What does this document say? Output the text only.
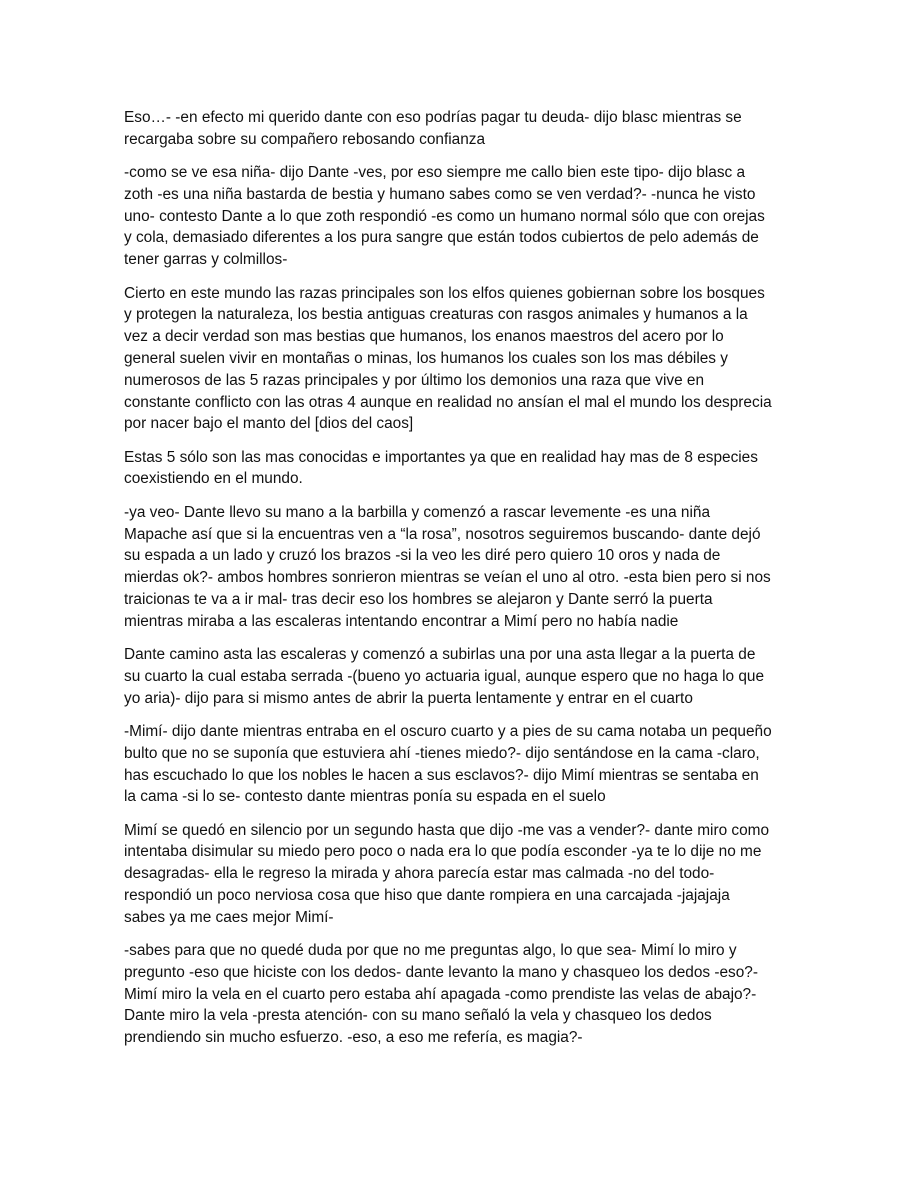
Eso…- -en efecto mi querido dante con eso podrías pagar tu deuda- dijo blasc mientras se recargaba sobre su compañero rebosando confianza

-como se ve esa niña- dijo Dante -ves, por eso siempre me callo bien este tipo- dijo blasc a zoth -es una niña bastarda de bestia y humano sabes como se ven verdad?- -nunca he visto uno- contesto Dante a lo que zoth respondió -es como un humano normal sólo que con orejas y cola, demasiado diferentes a los pura sangre que están todos cubiertos de pelo además de tener garras y colmillos-

Cierto en este mundo las razas principales son los elfos quienes gobiernan sobre los bosques y protegen la naturaleza, los bestia antiguas creaturas con rasgos animales y humanos a la vez a decir verdad son mas bestias que humanos, los enanos maestros del acero por lo general suelen vivir en montañas o minas, los humanos los cuales son los mas débiles y numerosos de las 5 razas principales y por último los demonios una raza que vive en constante conflicto con las otras 4 aunque en realidad no ansían el mal el mundo los desprecia por nacer bajo el manto del [dios del caos]

Estas 5 sólo son las mas conocidas e importantes ya que en realidad hay mas de 8 especies coexistiendo en el mundo.

-ya veo- Dante llevo su mano a la barbilla y comenzó a rascar levemente -es una niña Mapache así que si la encuentras ven a “la rosa”, nosotros seguiremos buscando- dante dejó su espada a un lado y cruzó los brazos -si la veo les diré pero quiero 10 oros y nada de mierdas ok?- ambos hombres sonrieron mientras se veían el uno al otro. -esta bien pero si nos traicionas te va a ir mal- tras decir eso los hombres se alejaron y Dante serró la puerta mientras miraba a las escaleras intentando encontrar a Mimí pero no había nadie

Dante camino asta las escaleras y comenzó a subirlas una por una asta llegar a la puerta de su cuarto la cual estaba serrada -(bueno yo actuaria igual, aunque espero que no haga lo que yo aria)- dijo para si mismo antes de abrir la puerta lentamente y entrar en el cuarto

-Mimí- dijo dante mientras entraba en el oscuro cuarto y a pies de su cama notaba un pequeño bulto que no se suponía que estuviera ahí -tienes miedo?- dijo sentándose en la cama -claro, has escuchado lo que los nobles le hacen a sus esclavos?- dijo Mimí mientras se sentaba en la cama -si lo se- contesto dante mientras ponía su espada en el suelo

Mimí se quedó en silencio por un segundo hasta que dijo -me vas a vender?- dante miro como intentaba disimular su miedo pero poco o nada era lo que podía esconder -ya te lo dije no me desagradas- ella le regreso la mirada y ahora parecía estar mas calmada -no del todo- respondió un poco nerviosa cosa que hiso que dante rompiera en una carcajada -jajajaja sabes ya me caes mejor Mimí-

-sabes para que no quedé duda por que no me preguntas algo, lo que sea- Mimí lo miro y pregunto -eso que hiciste con los dedos- dante levanto la mano y chasqueo los dedos -eso?- Mimí miro la vela en el cuarto pero estaba ahí apagada -como prendiste las velas de abajo?- Dante miro la vela -presta atención- con su mano señaló la vela y chasqueo los dedos prendiendo sin mucho esfuerzo. -eso, a eso me refería, es magia?-
